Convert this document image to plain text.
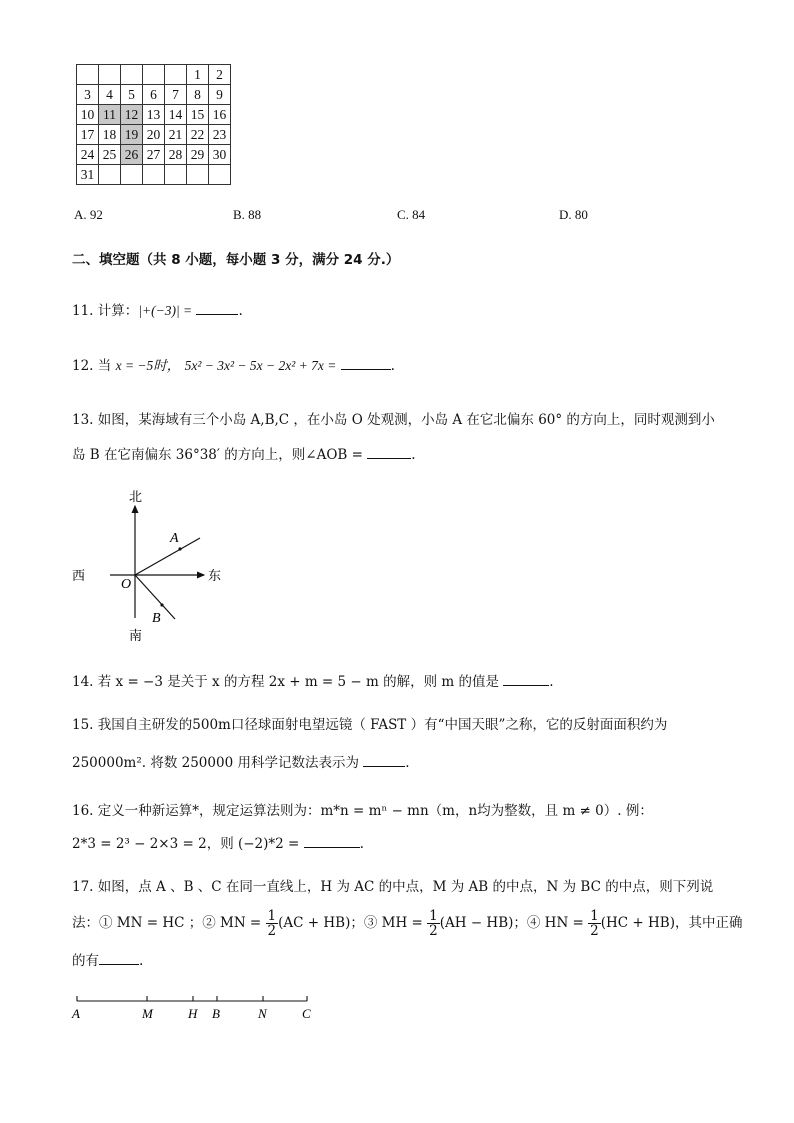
					1	2
3	4	5	6	7	8	9
10	11	12	13	14	15	16
17	18	19	20	21	22	23
24	25	26	27	28	29	30
31						
A. 92	B. 88	C. 84	D. 80
二、填空题（共 8 小题，每小题 3 分，满分 24 分.）
11. 计算：|+(−3)| =	.
12. 当 x = −5时， 5x² − 3x² − 5x − 2x² + 7x =	.
13. 如图，某海域有三个小岛 A,B,C ，在小岛 O 处观测，小岛 A 在它北偏东 60° 的方向上，同时观测到小
岛 B 在它南偏东 36°38′ 的方向上，则∠AOB =	.
北
南
西	东
O
A
B
14. 若 x = −3 是关于 x 的方程 2x + m = 5 − m 的解，则 m 的值是	.
15. 我国自主研发的500m口径球面射电望远镜（ FAST ）有“中国天眼”之称，它的反射面面积约为
250000m². 将数 250000 用科学记数法表示为	.
16. 定义一种新运算*，规定运算法则为：m*n = mⁿ − mn（m，n均为整数，且 m ≠ 0）. 例：
2*3 = 2³ − 2×3 = 2，则 (−2)*2 =	.
17. 如图，点 A 、B 、C 在同一直线上，H 为 AC 的中点，M 为 AB 的中点，N 为 BC 的中点，则下列说
法：① MN = HC ；② MN = $\frac{1}{2} (AC + HB)$；③ MH = $\frac{1}{2} (AH - HB)$；④ HN = $\frac{1}{2} (HC + HB)$，其中正确
的有	.
A	M	H B	N	C
